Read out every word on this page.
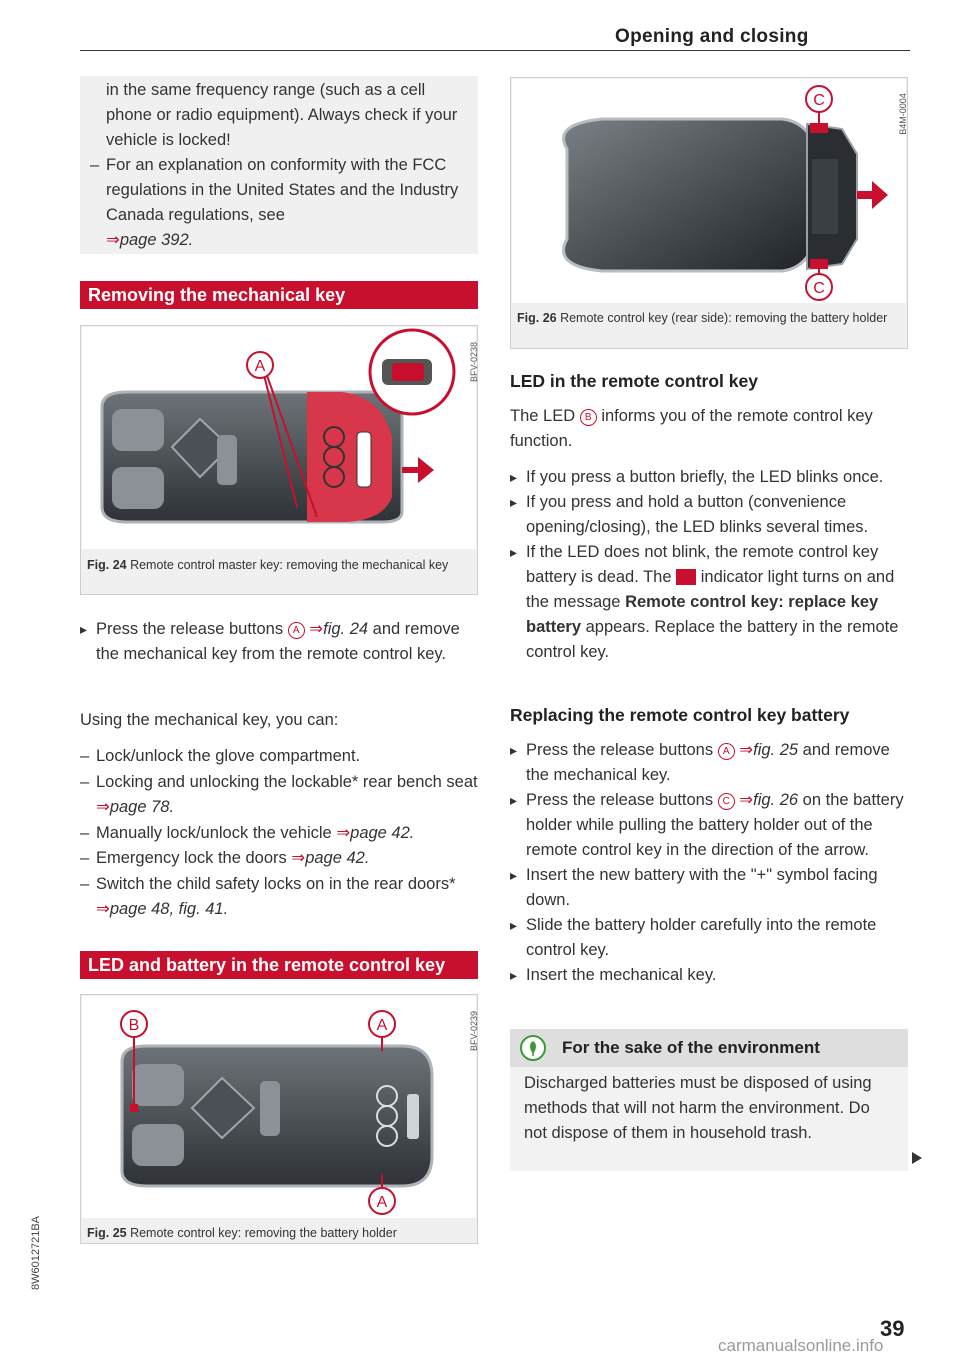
Opening and closing
in the same frequency range (such as a cell phone or radio equipment). Always check if your vehicle is locked!
– For an explanation on conformity with the FCC regulations in the United States and the Industry Canada regulations, see
⇒page 392.
Removing the mechanical key
A	BFV-0238
Fig. 24 Remote control master key: removing the mechanical key
▸ Press the release buttons A ⇒fig. 24 and remove the mechanical key from the remote control key.
Using the mechanical key, you can:
– Lock/unlock the glove compartment.
– Locking and unlocking the lockable* rear bench seat ⇒page 78.
– Manually lock/unlock the vehicle ⇒page 42.
– Emergency lock the doors ⇒page 42.
– Switch the child safety locks on in the rear doors* ⇒page 48, fig. 41.
LED and battery in the remote control key
B	A
A
BFV-0239
Fig. 25 Remote control key: removing the battery holder
C
C
B4M-0004
Fig. 26 Remote control key (rear side): removing the battery holder
LED in the remote control key
The LED B informs you of the remote control key function.
▸ If you press a button briefly, the LED blinks once.
▸ If you press and hold a button (convenience opening/closing), the LED blinks several times.
▸ If the LED does not blink, the remote control key battery is dead. The indicator light turns on and the message Remote control key: replace key battery appears. Replace the battery in the remote control key.
Replacing the remote control key battery
▸ Press the release buttons A ⇒fig. 25 and remove the mechanical key.
▸ Press the release buttons C ⇒fig. 26 on the battery holder while pulling the battery holder out of the remote control key in the direction of the arrow.
▸ Insert the new battery with the "+" symbol facing down.
▸ Slide the battery holder carefully into the remote control key.
▸ Insert the mechanical key.
For the sake of the environment
Discharged batteries must be disposed of using methods that will not harm the environment. Do not dispose of them in household trash.
39
8W6012721BA
carmanualsonline.info
